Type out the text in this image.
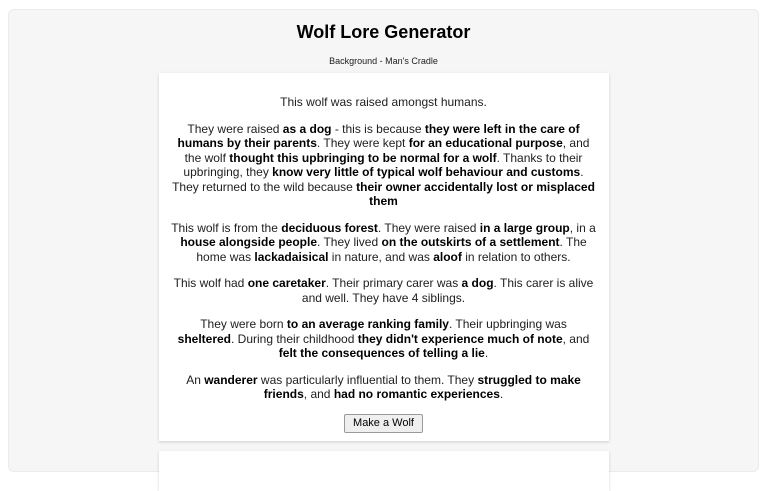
Wolf Lore Generator
Background - Man's Cradle

This wolf was raised amongst humans.

They were raised as a dog - this is because they were left in the care of humans by their parents. They were kept for an educational purpose, and the wolf thought this upbringing to be normal for a wolf. Thanks to their upbringing, they know very little of typical wolf behaviour and customs. They returned to the wild because their owner accidentally lost or misplaced them

This wolf is from the deciduous forest. They were raised in a large group, in a house alongside people. They lived on the outskirts of a settlement. The home was lackadaisical in nature, and was aloof in relation to others.

This wolf had one caretaker. Their primary carer was a dog. This carer is alive and well. They have 4 siblings.

They were born to an average ranking family. Their upbringing was sheltered. During their childhood they didn't experience much of note, and felt the consequences of telling a lie.

An wanderer was particularly influential to them. They struggled to make friends, and had no romantic experiences.

Make a Wolf
